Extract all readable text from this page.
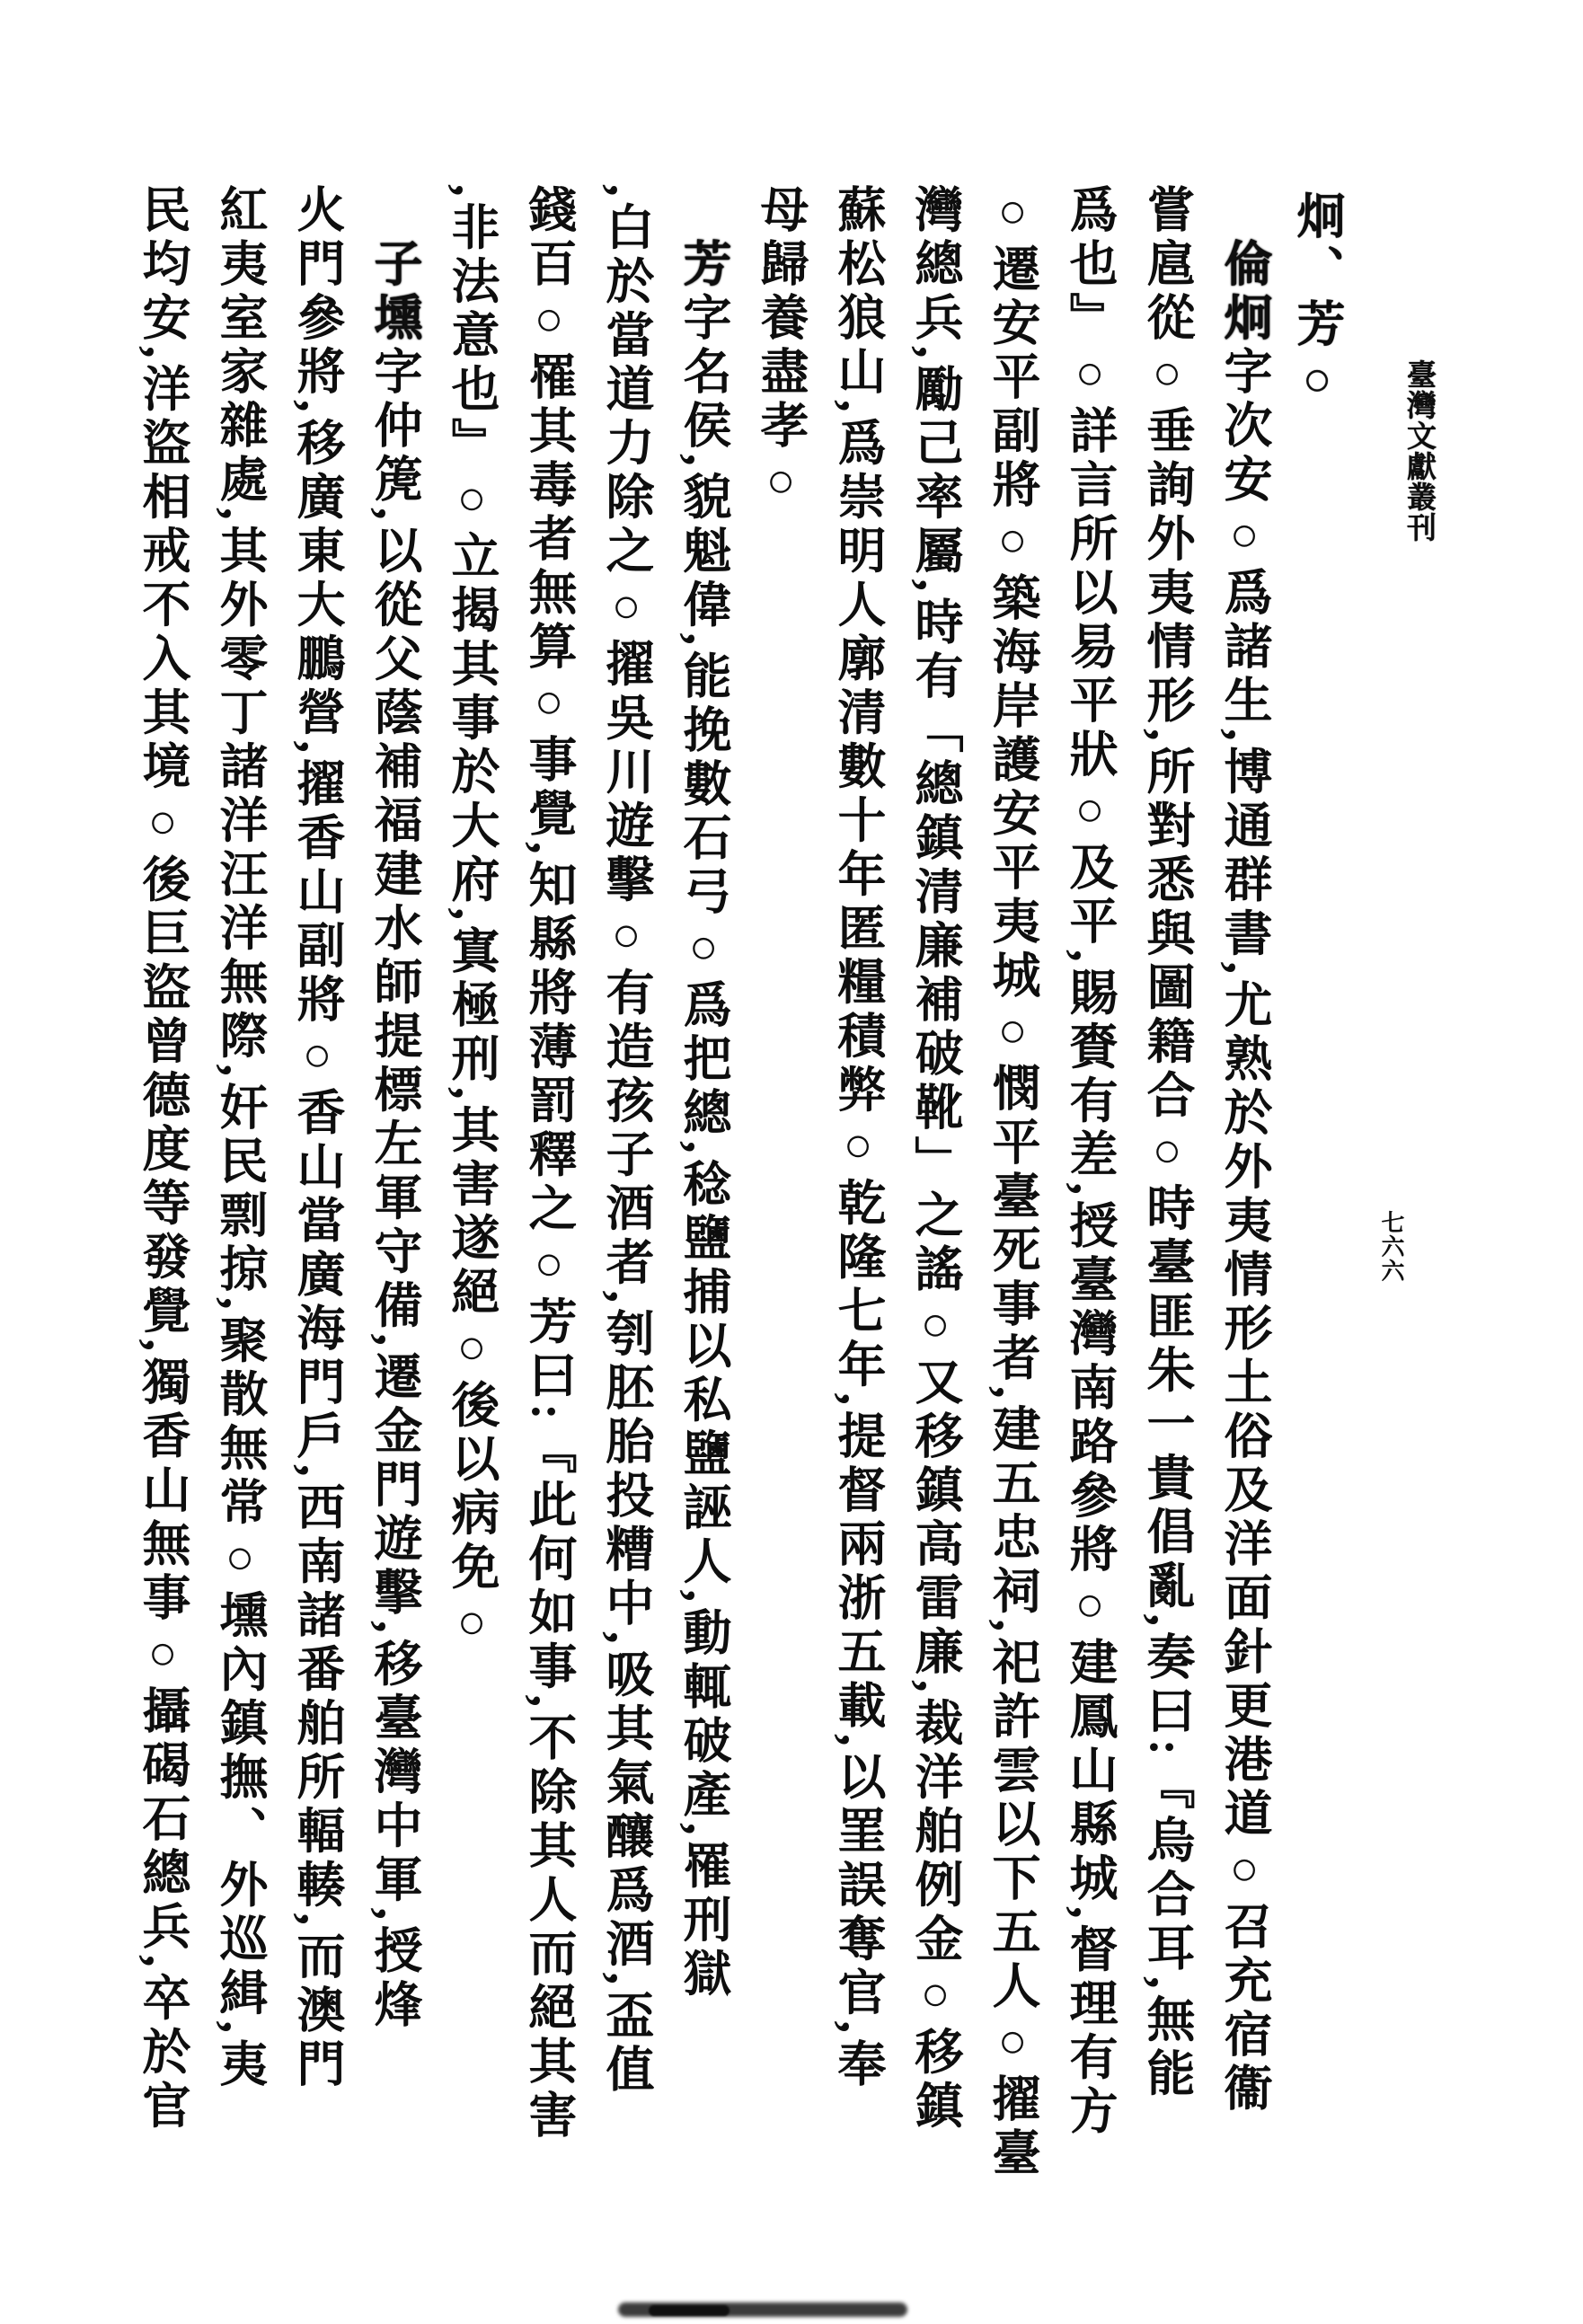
臺灣文獻叢刊
七六六
炯、芳○
倫炯字次安○爲諸生,博通群書,尤熟於外夷情形土俗及洋面針更港道○召充宿衞
嘗扈從○垂詢外夷情形,所對悉與圖籍合○時臺匪朱一貴倡亂,奏曰:『烏合耳,無能
爲也』○詳言所以易平狀○及平,賜賚有差,授臺灣南路參將○建鳳山縣城,督理有方
○遷安平副將○築海岸護安平夷城○憫平臺死事者,建五忠祠,祀許雲以下五人○擢臺
灣總兵,勵己率屬,時有「總鎮清廉補破靴」之謠○又移鎮高雷廉,裁洋舶例金○移鎮
蘇松狼山,爲崇明人廓清數十年匿糧積弊○乾隆七年,提督兩浙五載,以罣誤奪官,奉
母歸養盡孝○
芳字名侯,貌魁偉,能挽數石弓○爲把總,稔鹽捕以私鹽誣人,動輒破產,罹刑獄
,白於當道力除之○擢吳川遊擊○有造孩子酒者,刳胚胎投糟中,吸其氣釀爲酒,盃值
錢百○罹其毒者無算○事覺,知縣將薄罰釋之○芳曰:『此何如事,不除其人而絕其害
,非法意也』○立揭其事於大府,寘極刑,其害遂絕○後以病免○
子壎字仲箎,以從父蔭補福建水師提標左軍守備,遷金門遊擊,移臺灣中軍,授烽
火門參將,移廣東大鵬營,擢香山副將○香山當廣海門戶,西南諸番舶所輻輳,而澳門
紅夷室家雜處,其外零丁諸洋汪洋無際,奸民剽掠,聚散無常○壎內鎮撫、外巡緝,夷
民均安,洋盜相戒不入其境○後巨盜曾德度等發覺,獨香山無事○攝碣石總兵,卒於官
